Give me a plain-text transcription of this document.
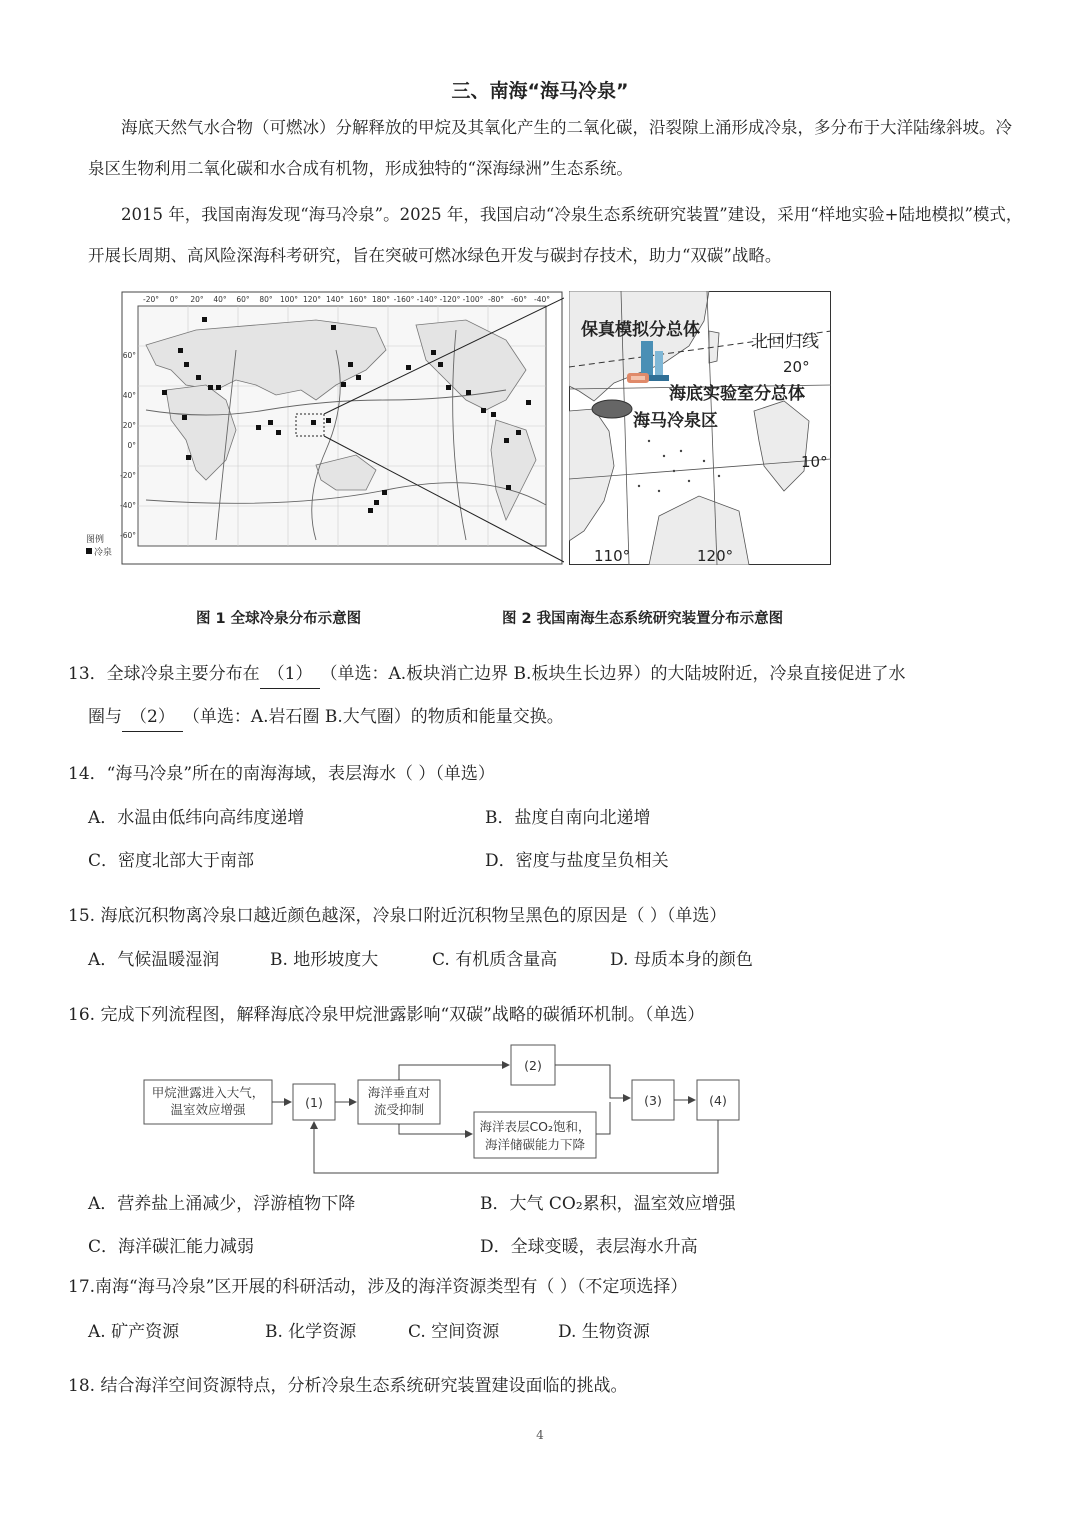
三、南海“海马冷泉”

海底天然气水合物（可燃冰）分解释放的甲烷及其氧化产生的二氧化碳，沿裂隙上涌形成冷泉，多分布于大洋陆缘斜坡。冷泉区生物利用二氧化碳和水合成有机物，形成独特的“深海绿洲”生态系统。

2015 年，我国南海发现“海马冷泉”。2025 年，我国启动“冷泉生态系统研究装置”建设，采用“样地实验+陆地模拟”模式，开展长周期、高风险深海科考研究，旨在突破可燃冰绿色开发与碳封存技术，助力“双碳”战略。

-20° 0° 20° 40° 60° 80° 100° 120° 140° 160° 180° -160° -140° -120° -100° -80° -60° -40°
60°
40°
20°
0°
-20°
-40°
-60°
图例
冷泉
保真模拟分总体
北回归线
20°
海底实验室分总体
海马冷泉区
10°
110°	120°
图 1 全球冷泉分布示意图	图 2 我国南海生态系统研究装置分布示意图
13．全球冷泉主要分布在 （1） （单选：A.板块消亡边界 B.板块生长边界）的大陆坡附近，冷泉直接促进了水
圈与 （2） （单选：A.岩石圈 B.大气圈）的物质和能量交换。
14．“海马冷泉”所在的南海海域，表层海水（ ）（单选）
A．水温由低纬向高纬度递增	B．盐度自南向北递增
C．密度北部大于南部	D．密度与盐度呈负相关
15. 海底沉积物离冷泉口越近颜色越深，冷泉口附近沉积物呈黑色的原因是（ ）（单选）
A．气候温暖湿润	B. 地形坡度大	C. 有机质含量高	D. 母质本身的颜色
16. 完成下列流程图，解释海底冷泉甲烷泄露影响“双碳”战略的碳循环机制。（单选）
甲烷泄露进入大气，
温室效应增强	(1)
海洋垂直对
流受抑制
(2)
海洋表层CO₂饱和，
海洋储碳能力下降
(3)	(4)
A．营养盐上涌减少，浮游植物下降	B．大气 CO₂累积，温室效应增强
C．海洋碳汇能力减弱	D．全球变暖，表层海水升高
17.南海“海马冷泉”区开展的科研活动，涉及的海洋资源类型有（ ）（不定项选择）
A. 矿产资源	B. 化学资源	C. 空间资源	D. 生物资源
18. 结合海洋空间资源特点，分析冷泉生态系统研究装置建设面临的挑战。
4
